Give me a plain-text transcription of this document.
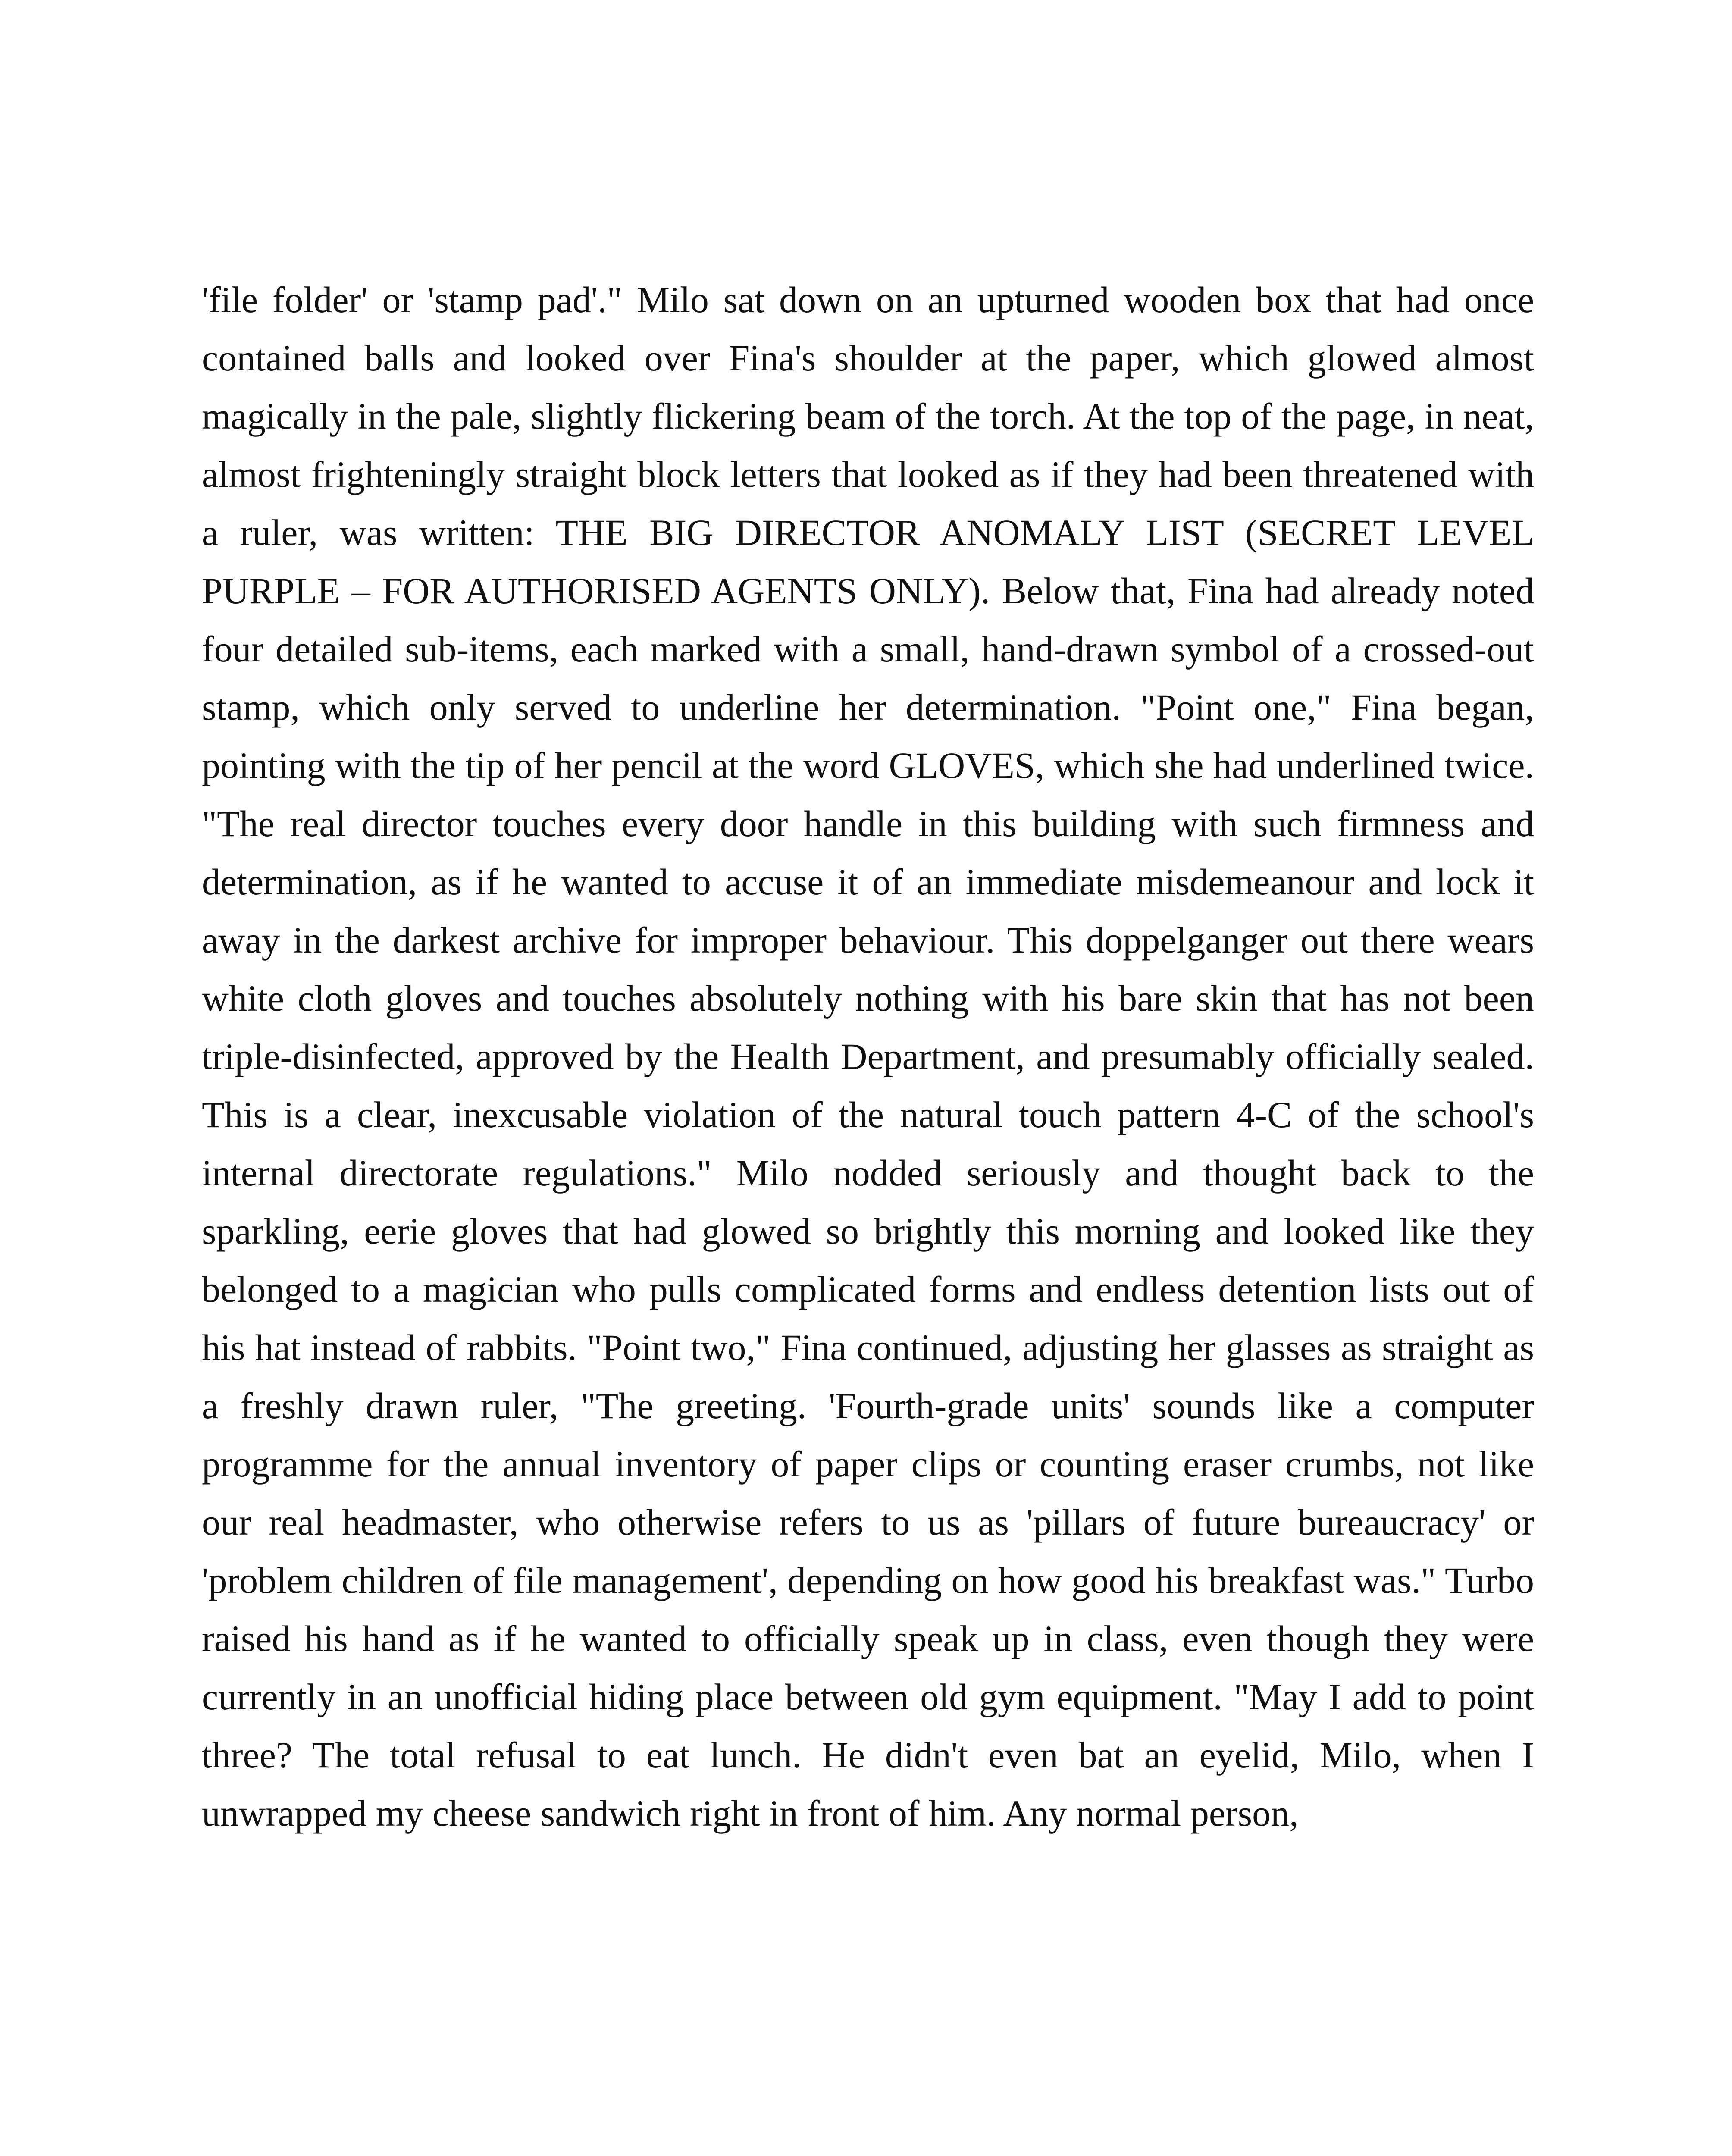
'file folder' or 'stamp pad'." Milo sat down on an upturned wooden box that had once contained balls and looked over Fina's shoulder at the paper, which glowed almost magically in the pale, slightly flickering beam of the torch. At the top of the page, in neat, almost frighteningly straight block letters that looked as if they had been threatened with a ruler, was written: THE BIG DIRECTOR ANOMALY LIST (SECRET LEVEL PURPLE – FOR AUTHORISED AGENTS ONLY). Below that, Fina had already noted four detailed sub-items, each marked with a small, hand-drawn symbol of a crossed-out stamp, which only served to underline her determination. "Point one," Fina began, pointing with the tip of her pencil at the word GLOVES, which she had underlined twice. "The real director touches every door handle in this building with such firmness and determination, as if he wanted to accuse it of an immediate misdemeanour and lock it away in the darkest archive for improper behaviour. This doppelganger out there wears white cloth gloves and touches absolutely nothing with his bare skin that has not been triple-disinfected, approved by the Health Department, and presumably officially sealed. This is a clear, inexcusable violation of the natural touch pattern 4-C of the school's internal directorate regulations." Milo nodded seriously and thought back to the sparkling, eerie gloves that had glowed so brightly this morning and looked like they belonged to a magician who pulls complicated forms and endless detention lists out of his hat instead of rabbits. "Point two," Fina continued, adjusting her glasses as straight as a freshly drawn ruler, "The greeting. 'Fourth-grade units' sounds like a computer programme for the annual inventory of paper clips or counting eraser crumbs, not like our real headmaster, who otherwise refers to us as 'pillars of future bureaucracy' or 'problem children of file management', depending on how good his breakfast was." Turbo raised his hand as if he wanted to officially speak up in class, even though they were currently in an unofficial hiding place between old gym equipment. "May I add to point three? The total refusal to eat lunch. He didn't even bat an eyelid, Milo, when I unwrapped my cheese sandwich right in front of him. Any normal person,
